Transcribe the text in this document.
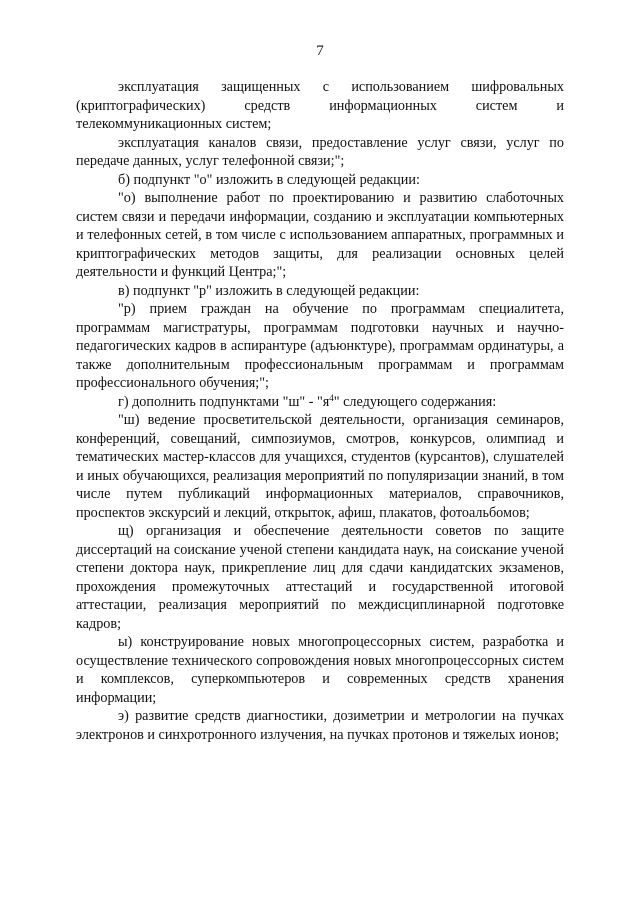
7

эксплуатация защищенных с использованием шифровальных (криптографических) средств информационных систем и телекоммуникационных систем;

эксплуатация каналов связи, предоставление услуг связи, услуг по передаче данных, услуг телефонной связи;";

б) подпункт "о" изложить в следующей редакции:

"о) выполнение работ по проектированию и развитию слаботочных систем связи и передачи информации, созданию и эксплуатации компьютерных и телефонных сетей, в том числе с использованием аппаратных, программных и криптографических методов защиты, для реализации основных целей деятельности и функций Центра;";

в) подпункт "р" изложить в следующей редакции:

"р) прием граждан на обучение по программам специалитета, программам магистратуры, программам подготовки научных и научно-педагогических кадров в аспирантуре (адъюнктуре), программам ординатуры, а также дополнительным профессиональным программам и программам профессионального обучения;";

г) дополнить подпунктами "ш" - "$я^4$" следующего содержания:

"ш) ведение просветительской деятельности, организация семинаров, конференций, совещаний, симпозиумов, смотров, конкурсов, олимпиад и тематических мастер-классов для учащихся, студентов (курсантов), слушателей и иных обучающихся, реализация мероприятий по популяризации знаний, в том числе путем публикаций информационных материалов, справочников, проспектов экскурсий и лекций, открыток, афиш, плакатов, фотоальбомов;

щ) организация и обеспечение деятельности советов по защите диссертаций на соискание ученой степени кандидата наук, на соискание ученой степени доктора наук, прикрепление лиц для сдачи кандидатских экзаменов, прохождения промежуточных аттестаций и государственной итоговой аттестации, реализация мероприятий по междисциплинарной подготовке кадров;

ы) конструирование новых многопроцессорных систем, разработка и осуществление технического сопровождения новых многопроцессорных систем и комплексов, суперкомпьютеров и современных средств хранения информации;

э) развитие средств диагностики, дозиметрии и метрологии на пучках электронов и синхротронного излучения, на пучках протонов и тяжелых ионов;
